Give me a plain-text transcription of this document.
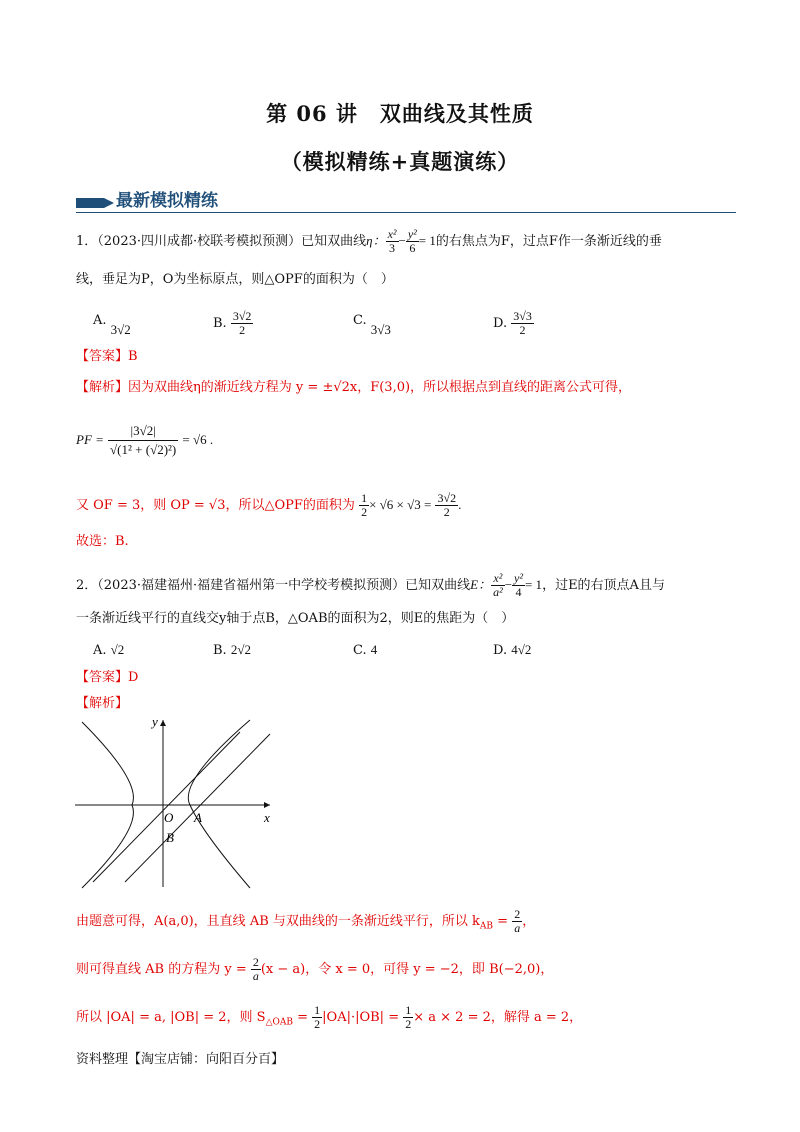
第 06 讲　双曲线及其性质
（模拟精练+真题演练）
最新模拟精练
1．（2023·四川成都·校联考模拟预测）已知双曲线η： $\frac{\text{x²}}{3} - \frac{\text{y²}}{6} = 1$的右焦点为F，过点F作一条渐近线的垂
线，垂足为P，O为坐标原点，则△OPF的面积为（　）
A. 3√2	B. $\frac{3√2}{2}$	C. 3√3	D. $\frac{3√3}{2}$
【答案】B
【解析】因为双曲线η的渐近线方程为 y = ±√2x，F(3,0)，所以根据点到直线的距离公式可得，
PF = $\frac{|3√2|}{\text{√(1² + (√2)²)}} = √6$ .
又 OF = 3，则 OP = √3，所以△OPF的面积为 $\frac{1}{2} \times √6 \times √3 = \frac{3√2}{2}$ .
故选：B.
2．（2023·福建福州·福建省福州第一中学校考模拟预测）已知双曲线E： $\frac{\text{x²}}{\text{a²}} - \frac{\text{y²}}{4} = 1$，过E的右顶点A且与
一条渐近线平行的直线交y轴于点B，△OAB的面积为2，则E的焦距为（　）
A. √2	B. 2√2	C. 4	D. 4√2
【答案】D
【解析】
y
x
O A
B
由题意可得，A(a,0)，且直线 AB 与双曲线的一条渐近线平行，所以 $k_{AB} = \frac{2}{a}$ ，
则可得直线 AB 的方程为 $y = \frac{2}{a} (x - a)$，令 x = 0，可得 y = −2，即 B(−2,0)，
所以 |OA| = a, |OB| = 2，则 $S_{\triangle OAB} = \frac{1}{2} |OA|\cdot|OB| = \frac{1}{2} \times a \times 2 = 2$，解得 a = 2，
资料整理【淘宝店铺：向阳百分百】
